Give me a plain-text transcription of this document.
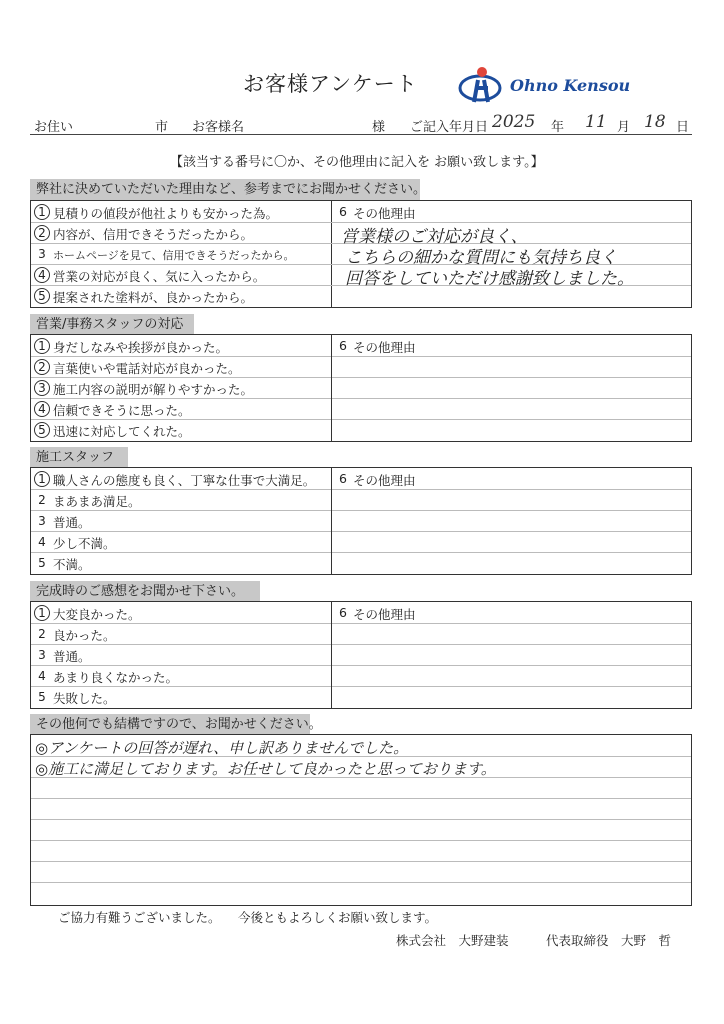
お客様アンケート	Ohno Kensou
お住い	市 お客様名	様 ご記入年月日 2025 年 11 月 18 日
【該当する番号に〇か、その他理由に記入を お願い致します。】
弊社に決めていただいた理由など、参考までにお聞かせください。
1 見積りの値段が他社よりも安かった為。
2 内容が、信用できそうだったから。
3 ホームページを見て、信用できそうだったから。
4 営業の対応が良く、気に入ったから。
5 提案された塗料が、良かったから。
6 その他理由
営業様のご対応が良く、
こちらの細かな質問にも気持ち良く
回答をしていただけ感謝致しました。
営業/事務スタッフの対応
1 身だしなみや挨拶が良かった。
2 言葉使いや電話対応が良かった。
3 施工内容の説明が解りやすかった。
4 信頼できそうに思った。
5 迅速に対応してくれた。
6 その他理由
施工スタッフ
1 職人さんの態度も良く、丁寧な仕事で大満足。
2 まあまあ満足。
3 普通。
4 少し不満。
5 不満。
6 その他理由
完成時のご感想をお聞かせ下さい。
1 大変良かった。
2 良かった。
3 普通。
4 あまり良くなかった。
5 失敗した。
6 その他理由
その他何でも結構ですので、お聞かせください。
◎アンケートの回答が遅れ、申し訳ありませんでした。
◎施工に満足しております。お任せして良かったと思っております。
ご協力有難うございました。 今後ともよろしくお願い致します。
株式会社　大野建装	代表取締役　大野　哲
